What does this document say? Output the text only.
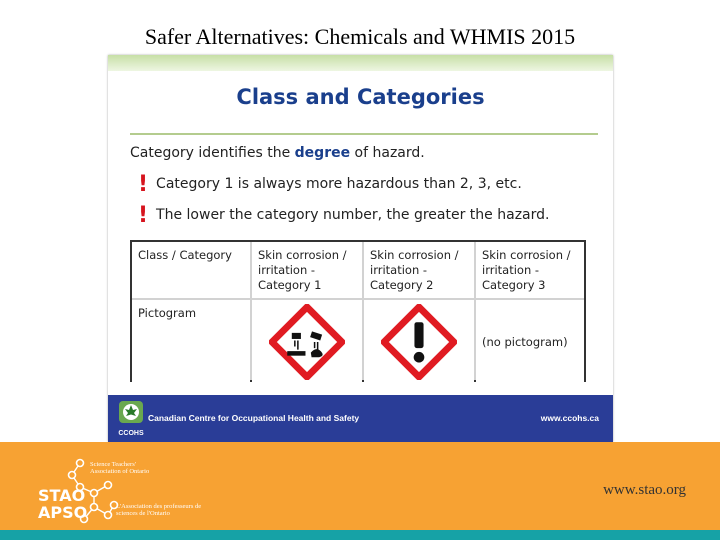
Safer Alternatives: Chemicals and WHMIS 2015
Class and Categories
Category identifies the degree of hazard.
! Category 1 is always more hazardous than 2, 3, etc.
! The lower the category number, the greater the hazard.
Class / Category	Skin corrosion / irritation - Category 1
Skin corrosion / irritation - Category 2
Skin corrosion / irritation - Category 3
Pictogram
(no pictogram)
CCOHS
Canadian Centre for Occupational Health and Safety	www.ccohs.ca
STAO
APSO
Science Teachers' Association of Ontario
L'Association des professeurs de sciences de l'Ontario
www.stao.org
